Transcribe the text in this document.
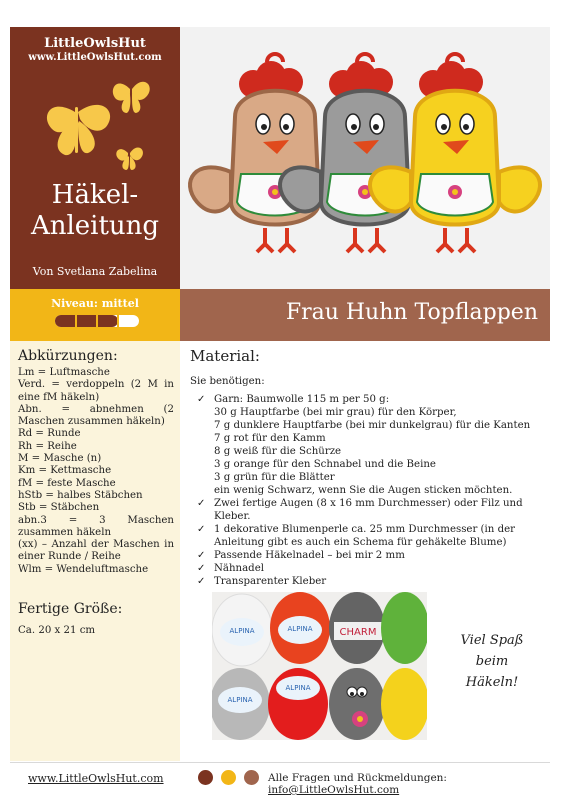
LittleOwlsHut
www.LittleOwlsHut.com
Häkel-
Anleitung
Von Svetlana Zabelina
Niveau: mittel	Frau Huhn Topflappen
Abkürzungen:
Lm = Luftmasche
Verd. = verdoppeln (2 M in eine fM häkeln)
Abn. = abnehmen (2 Maschen zusammen häkeln)
Rd = Runde
Rh = Reihe
M = Masche (n)
Km = Kettmasche
fM = feste Masche
hStb = halbes Stäbchen
Stb = Stäbchen
abn.3 = 3 Maschen zusammen häkeln
(xx) – Anzahl der Maschen in einer Runde / Reihe
Wlm = Wendeluftmasche
Fertige Größe:
Ca. 20 x 21 cm
Material:
Sie benötigen:
✓ Garn: Baumwolle 115 m per 50 g:
30 g Hauptfarbe (bei mir grau) für den Körper,
7 g dunklere Hauptfarbe (bei mir dunkelgrau) für die Kanten
7 g rot für den Kamm
8 g weiß für die Schürze
3 g orange für den Schnabel und die Beine
3 g grün für die Blätter
ein wenig Schwarz, wenn Sie die Augen sticken möchten.
✓ Zwei fertige Augen (8 x 16 mm Durchmesser) oder Filz und Kleber.
✓ 1 dekorative Blumenperle ca. 25 mm Durchmesser (in der Anleitung gibt es auch ein Schema für gehäkelte Blume)
✓ Passende Häkelnadel – bei mir 2 mm
✓ Nähnadel
✓ Transparenter Kleber
ALPINA	ALPINA	CHARM
ALPINA
ALPINA
Viel Spaß
beim
Häkeln!
www.LittleOwlsHut.com	Alle Fragen und Rückmeldungen: info@LittleOwlsHut.com
